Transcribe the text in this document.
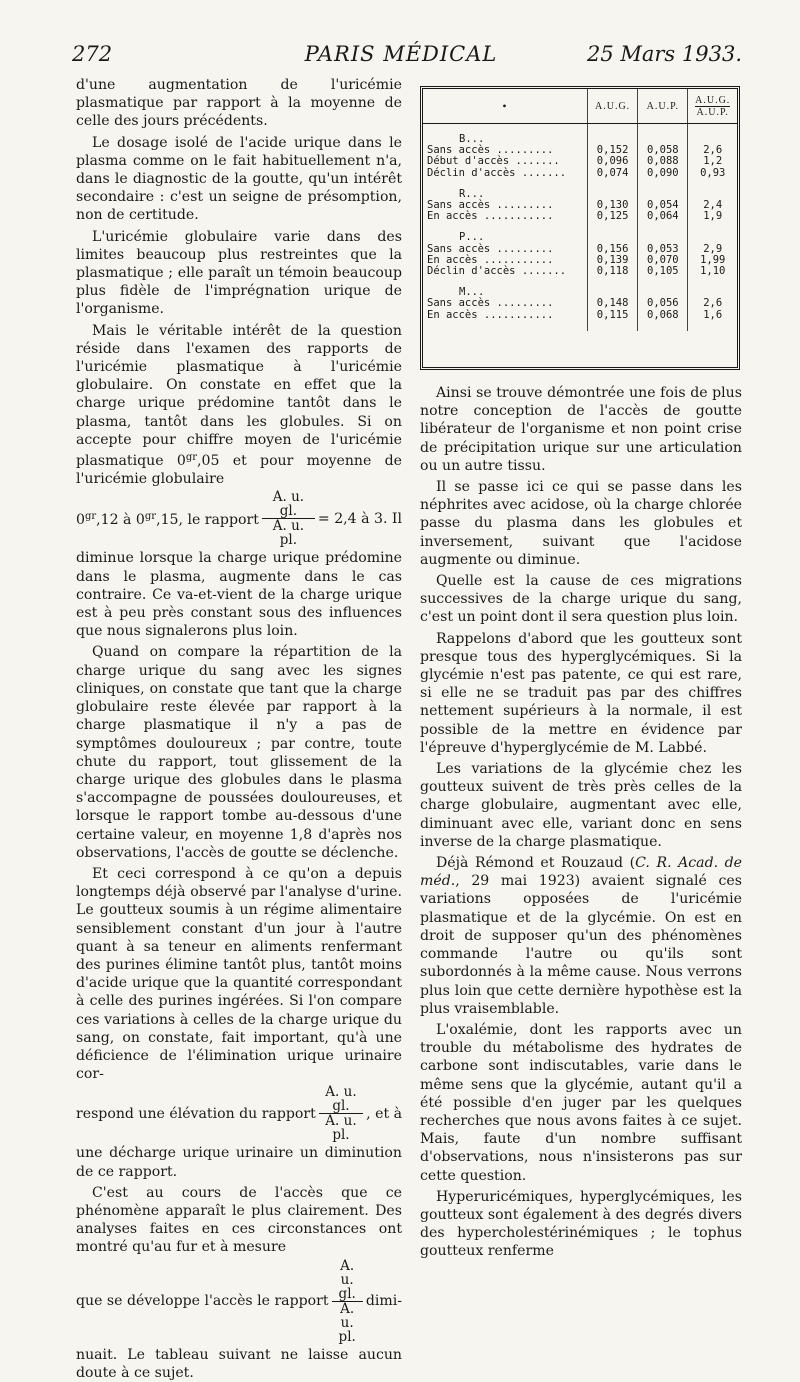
272	PARIS MÉDICAL	25 Mars 1933.

d'une augmentation de l'uricémie plasmatique par rapport à la moyenne de celle des jours précédents.

Le dosage isolé de l'acide urique dans le plasma comme on le fait habituellement n'a, dans le diagnostic de la goutte, qu'un intérêt secondaire : c'est un seigne de présomption, non de certitude.

L'uricémie globulaire varie dans des limites beaucoup plus restreintes que la plasmatique ; elle paraît un témoin beaucoup plus fidèle de l'imprégnation urique de l'organisme.

Mais le véritable intérêt de la question réside dans l'examen des rapports de l'uricémie plasmatique à l'uricémie globulaire. On constate en effet que la charge urique prédomine tantôt dans le plasma, tantôt dans les globules. Si on accepte pour chiffre moyen de l'uricémie plasmatique $0^{gr},05$ et pour moyenne de l'uricémie globulaire

$0^{gr},12$ à $0^{gr},15$, le rapport $\frac{A. u. gl.}{A. u. pl.} = 2,4$ à 3. Il

diminue lorsque la charge urique prédomine dans le plasma, augmente dans le cas contraire. Ce va-et-vient de la charge urique est à peu près constant sous des influences que nous signalerons plus loin.

Quand on compare la répartition de la charge urique du sang avec les signes cliniques, on constate que tant que la charge globulaire reste élevée par rapport à la charge plasmatique il n'y a pas de symptômes douloureux ; par contre, toute chute du rapport, tout glissement de la charge urique des globules dans le plasma s'accompagne de poussées douloureuses, et lorsque le rapport tombe au-dessous d'une certaine valeur, en moyenne 1,8 d'après nos observations, l'accès de goutte se déclenche.

Et ceci correspond à ce qu'on a depuis longtemps déjà observé par l'analyse d'urine. Le goutteux soumis à un régime alimentaire sensiblement constant d'un jour à l'autre quant à sa teneur en aliments renfermant des purines élimine tantôt plus, tantôt moins d'acide urique que la quantité correspondant à celle des purines ingérées. Si l'on compare ces variations à celles de la charge urique du sang, on constate, fait important, qu'à une déficience de l'élimination urique urinaire cor-

respond une élévation du rapport $\frac{A. u. gl.}{A. u. pl.}$ , et à

une décharge urique urinaire un diminution de ce rapport.

C'est au cours de l'accès que ce phénomène apparaît le plus clairement. Des analyses faites en ces circonstances ont montré qu'au fur et à mesure

que se développe l'accès le rapport $\frac{A. u. gl.}{A. u. pl.}$ dimi-

nuait. Le tableau suivant ne laisse aucun doute à ce sujet.

•	A.U.G.	A.U.P.	$\frac{A.U.G.}{A.U.P.}$

B...			
Sans accès .........	0,152	0,058	2,6
Début d'accès .......	0,096	0,088	1,2
Déclin d'accès .......	0,074	0,090	0,93

R...			
Sans accès .........	0,130	0,054	2,4
En accès ...........	0,125	0,064	1,9

P...			
Sans accès .........	0,156	0,053	2,9
En accès ...........	0,139	0,070	1,99
Déclin d'accès .......	0,118	0,105	1,10

M...			
Sans accès .........	0,148	0,056	2,6
En accès ...........	0,115	0,068	1,6

Ainsi se trouve démontrée une fois de plus notre conception de l'accès de goutte libérateur de l'organisme et non point crise de précipitation urique sur une articulation ou un autre tissu.

Il se passe ici ce qui se passe dans les néphrites avec acidose, où la charge chlorée passe du plasma dans les globules et inversement, suivant que l'acidose augmente ou diminue.

Quelle est la cause de ces migrations successives de la charge urique du sang, c'est un point dont il sera question plus loin.

Rappelons d'abord que les goutteux sont presque tous des hyperglycémiques. Si la glycémie n'est pas patente, ce qui est rare, si elle ne se traduit pas par des chiffres nettement supérieurs à la normale, il est possible de la mettre en évidence par l'épreuve d'hyperglycémie de M. Labbé.

Les variations de la glycémie chez les goutteux suivent de très près celles de la charge globulaire, augmentant avec elle, diminuant avec elle, variant donc en sens inverse de la charge plasmatique.

Déjà Rémond et Rouzaud (C. R. Acad. de méd., 29 mai 1923) avaient signalé ces variations opposées de l'uricémie plasmatique et de la glycémie. On est en droit de supposer qu'un des phénomènes commande l'autre ou qu'ils sont subordonnés à la même cause. Nous verrons plus loin que cette dernière hypothèse est la plus vraisemblable.

L'oxalémie, dont les rapports avec un trouble du métabolisme des hydrates de carbone sont indiscutables, varie dans le même sens que la glycémie, autant qu'il a été possible d'en juger par les quelques recherches que nous avons faites à ce sujet. Mais, faute d'un nombre suffisant d'observations, nous n'insisterons pas sur cette question.

Hyperuricémiques, hyperglycémiques, les goutteux sont également à des degrés divers des hypercholestérinémiques ; le tophus goutteux renferme
